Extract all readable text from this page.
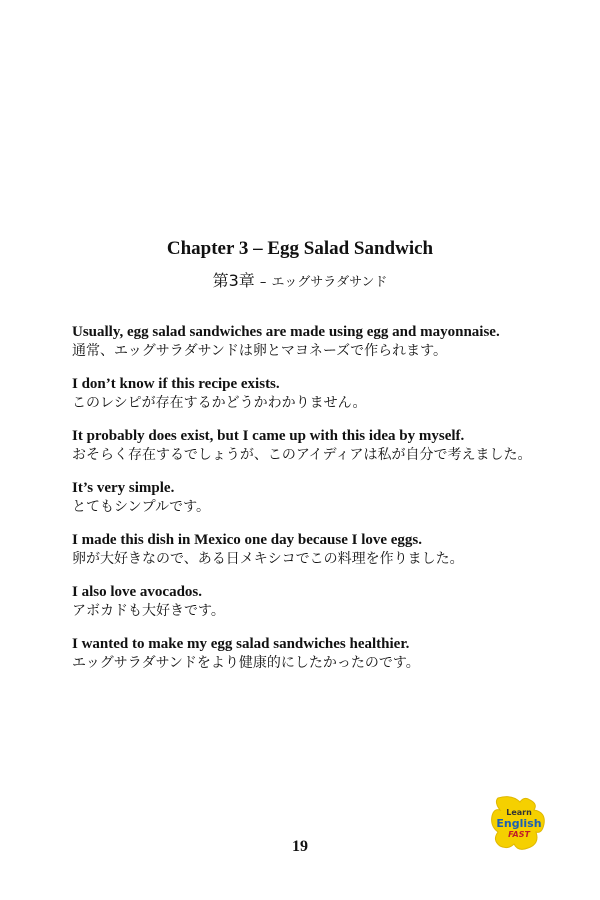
Chapter 3 – Egg Salad Sandwich
第3章 – エッグサラダサンド
Usually, egg salad sandwiches are made using egg and mayonnaise.
通常、エッグサラダサンドは卵とマヨネーズで作られます。
I don’t know if this recipe exists.
このレシピが存在するかどうかわかりません。
It probably does exist, but I came up with this idea by myself.
おそらく存在するでしょうが、このアイディアは私が自分で考えました。
It’s very simple.
とてもシンプルです。
I made this dish in Mexico one day because I love eggs.
卵が大好きなので、ある日メキシコでこの料理を作りました。
I also love avocados.
アボカドも大好きです。
I wanted to make my egg salad sandwiches healthier.
エッグサラダサンドをより健康的にしたかったのです。
19
Learn
English
FAST
